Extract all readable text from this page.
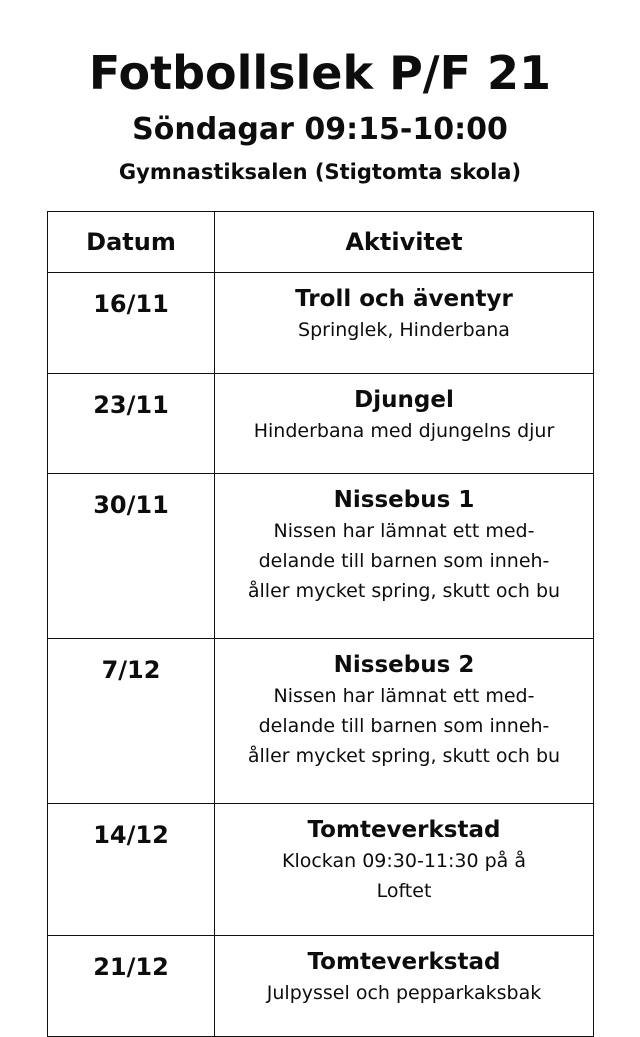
Fotbollslek P/F 21
Söndagar 09:15-10:00
Gymnastiksalen (Stigtomta skola)
Datum	Aktivitet
16/11	Troll och äventyr
Springlek, Hinderbana

23/11	Djungel
Hinderbana med djungelns djur

30/11	Nissebus 1
Nissen har lämnat ett med-
delande till barnen som inneh-
åller mycket spring, skutt och bu

7/12	Nissebus 2
Nissen har lämnat ett med-
delande till barnen som inneh-
åller mycket spring, skutt och bu

14/12	Tomteverkstad
Klockan 09:30-11:30 på å
Loftet

21/12	Tomteverkstad
Julpyssel och pepparkaksbak
